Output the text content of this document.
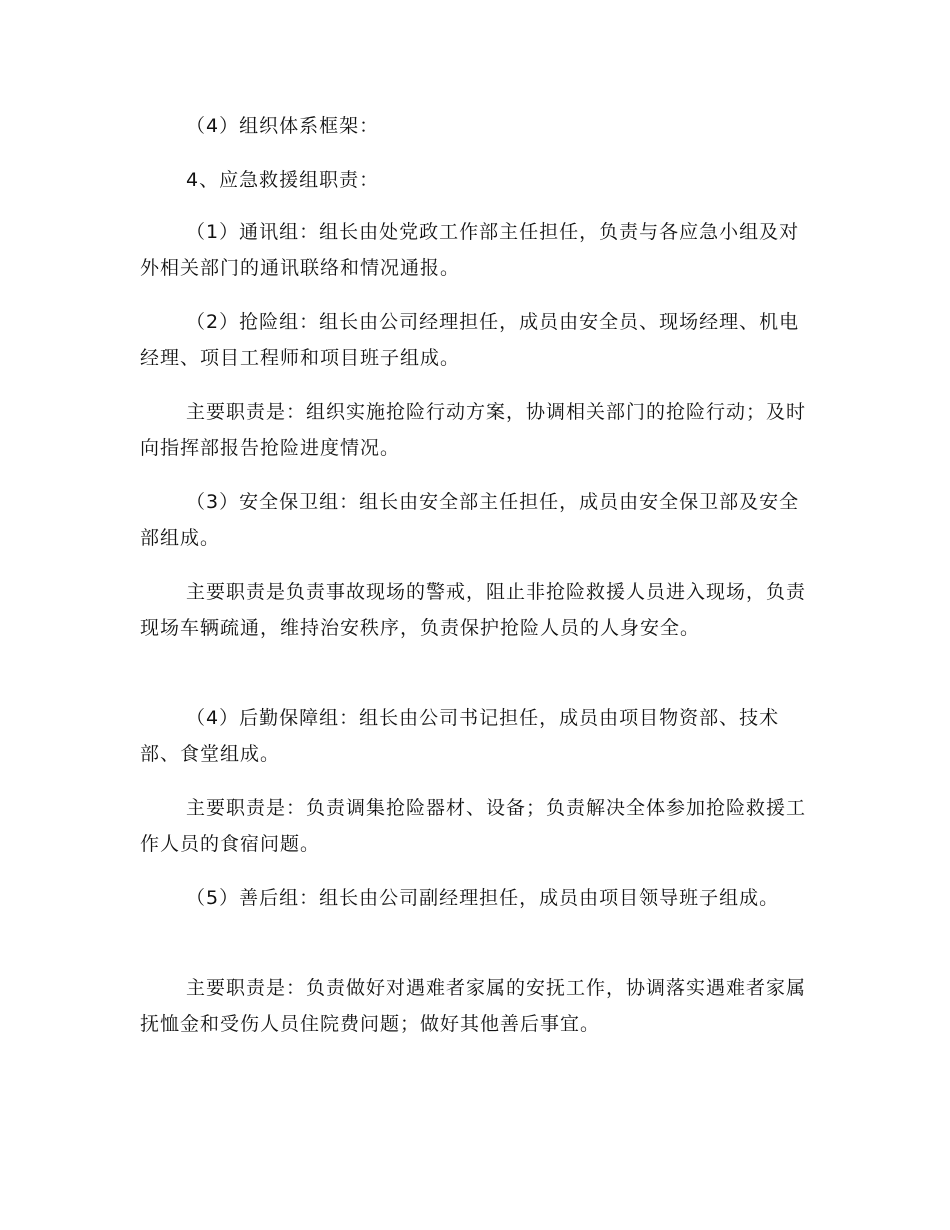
（4）组织体系框架：

4、应急救援组职责：

（1）通讯组：组长由处党政工作部主任担任，负责与各应急小组及对外相关部门的通讯联络和情况通报。

（2）抢险组：组长由公司经理担任，成员由安全员、现场经理、机电经理、项目工程师和项目班子组成。

主要职责是：组织实施抢险行动方案，协调相关部门的抢险行动；及时向指挥部报告抢险进度情况。

（3）安全保卫组：组长由安全部主任担任，成员由安全保卫部及安全部组成。

主要职责是负责事故现场的警戒，阻止非抢险救援人员进入现场，负责现场车辆疏通，维持治安秩序，负责保护抢险人员的人身安全。

（4）后勤保障组：组长由公司书记担任，成员由项目物资部、技术部、食堂组成。

主要职责是：负责调集抢险器材、设备；负责解决全体参加抢险救援工作人员的食宿问题。

（5）善后组：组长由公司副经理担任，成员由项目领导班子组成。

主要职责是：负责做好对遇难者家属的安抚工作，协调落实遇难者家属抚恤金和受伤人员住院费问题；做好其他善后事宜。
